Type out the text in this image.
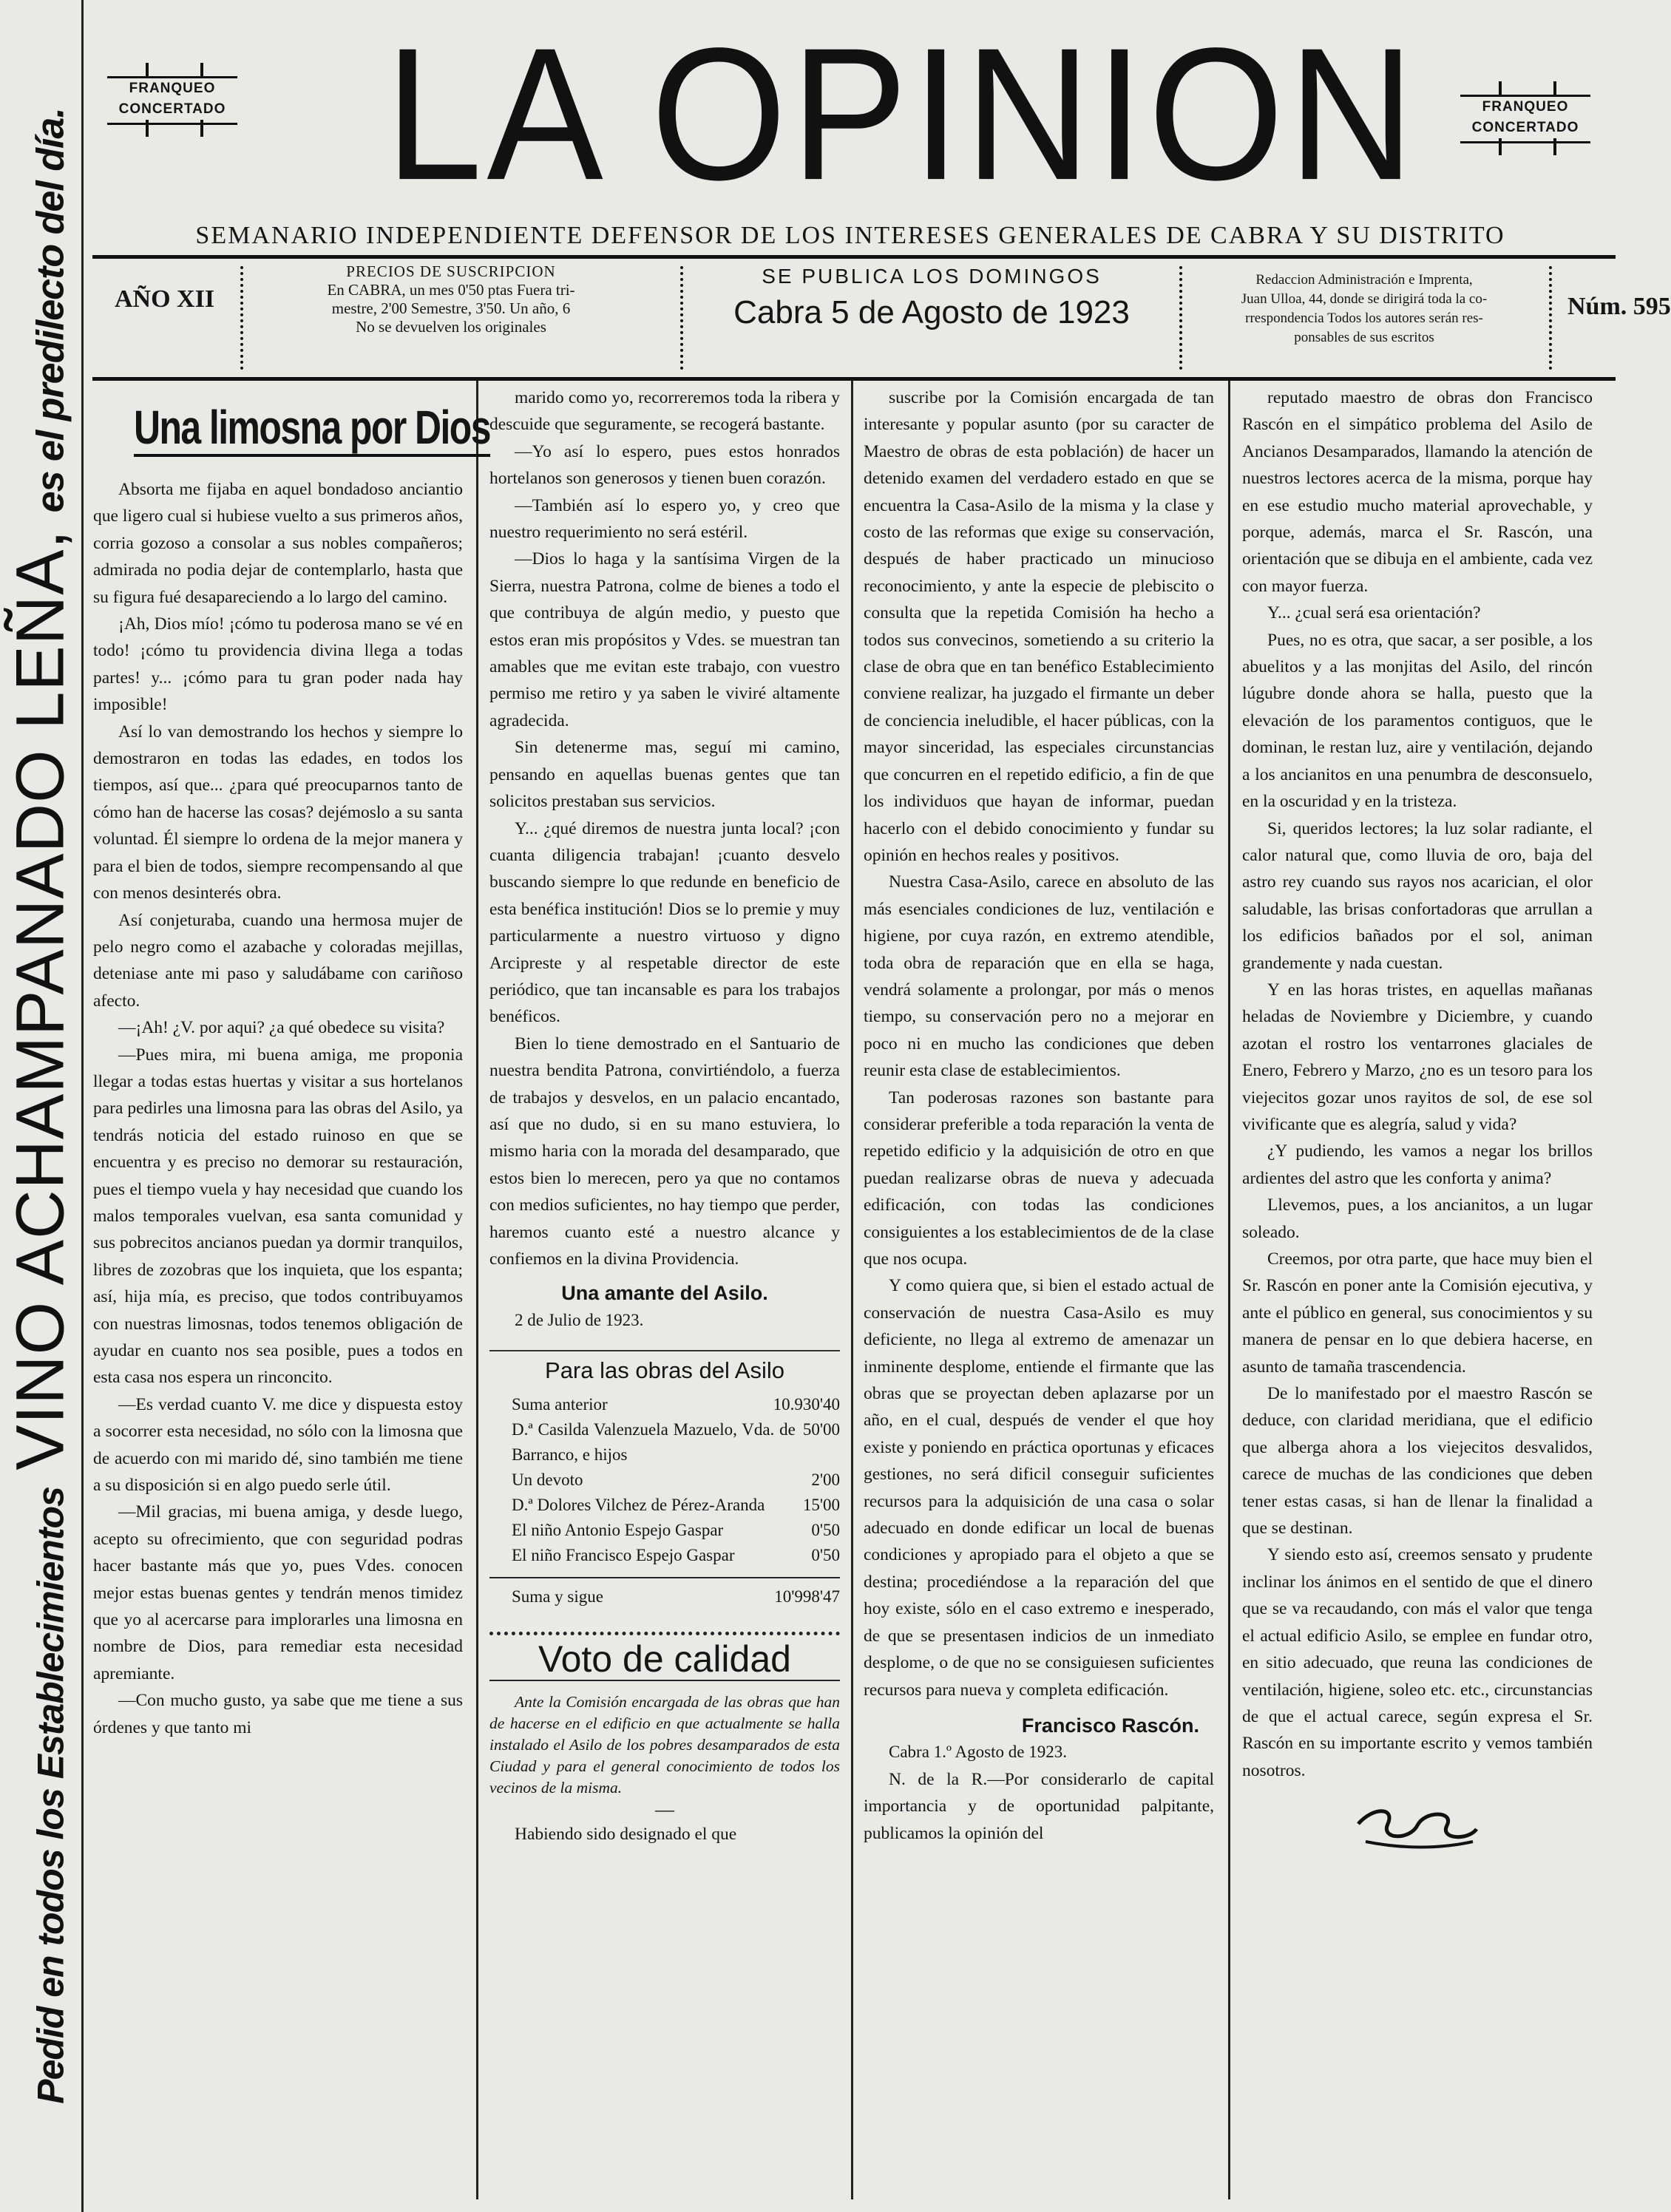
Pedid en todos los Establecimientos VINO ACHAMPANADO LEÑA, es el predilecto del día.
FRANQUEO
CONCERTADO LA OPINION	FRANQUEO
CONCERTADO
SEMANARIO INDEPENDIENTE DEFENSOR DE LOS INTERESES GENERALES DE CABRA Y SU DISTRITO
AÑO XII
PRECIOS DE SUSCRIPCION
En CABRA, un mes 0'50 ptas Fuera tri-
mestre, 2'00 Semestre, 3'50. Un año, 6
No se devuelven los originales
SE PUBLICA LOS DOMINGOS
Cabra 5 de Agosto de 1923
Redaccion Administración e Imprenta,
Juan Ulloa, 44, donde se dirigirá toda la co-
rrespondencia Todos los autores serán res-
ponsables de sus escritos
Núm. 595
Una limosna por Dios

Absorta me fijaba en aquel bondadoso anciantio que ligero cual si hubiese vuelto a sus primeros años, corria gozoso a consolar a sus nobles compañeros; admirada no podia dejar de contemplarlo, hasta que su figura fué desapareciendo a lo largo del camino.

¡Ah, Dios mío! ¡cómo tu poderosa mano se vé en todo! ¡cómo tu providencia divina llega a todas partes! y... ¡cómo para tu gran poder nada hay imposible!

Así lo van demostrando los hechos y siempre lo demostraron en todas las edades, en todos los tiempos, así que... ¿para qué preocuparnos tanto de cómo han de hacerse las cosas? dejémoslo a su santa voluntad. Él siempre lo ordena de la mejor manera y para el bien de todos, siempre recompensando al que con menos desinterés obra.

Así conjeturaba, cuando una hermosa mujer de pelo negro como el azabache y coloradas mejillas, deteniase ante mi paso y saludábame con cariñoso afecto.

—¡Ah! ¿V. por aqui? ¿a qué obedece su visita?

—Pues mira, mi buena amiga, me proponia llegar a todas estas huertas y visitar a sus hortelanos para pedirles una limosna para las obras del Asilo, ya tendrás noticia del estado ruinoso en que se encuentra y es preciso no demorar su restauración, pues el tiempo vuela y hay necesidad que cuando los malos temporales vuelvan, esa santa comunidad y sus pobrecitos ancianos puedan ya dormir tranquilos, libres de zozobras que los inquieta, que los espanta; así, hija mía, es preciso, que todos contribuyamos con nuestras limosnas, todos tenemos obligación de ayudar en cuanto nos sea posible, pues a todos en esta casa nos espera un rinconcito.

—Es verdad cuanto V. me dice y dispuesta estoy a socorrer esta necesidad, no sólo con la limosna que de acuerdo con mi marido dé, sino también me tiene a su disposición si en algo puedo serle útil.

—Mil gracias, mi buena amiga, y desde luego, acepto su ofrecimiento, que con seguridad podras hacer bastante más que yo, pues Vdes. conocen mejor estas buenas gentes y tendrán menos timidez que yo al acercarse para implorarles una limosna en nombre de Dios, para remediar esta necesidad apremiante.

—Con mucho gusto, ya sabe que me tiene a sus órdenes y que tanto mi

marido como yo, recorreremos toda la ribera y descuide que seguramente, se recogerá bastante.

—Yo así lo espero, pues estos honrados hortelanos son generosos y tienen buen corazón.

—También así lo espero yo, y creo que nuestro requerimiento no será estéril.

—Dios lo haga y la santísima Virgen de la Sierra, nuestra Patrona, colme de bienes a todo el que contribuya de algún medio, y puesto que estos eran mis propósitos y Vdes. se muestran tan amables que me evitan este trabajo, con vuestro permiso me retiro y ya saben le viviré altamente agradecida.

Sin detenerme mas, seguí mi camino, pensando en aquellas buenas gentes que tan solicitos prestaban sus servicios.

Y... ¿qué diremos de nuestra junta local? ¡con cuanta diligencia trabajan! ¡cuanto desvelo buscando siempre lo que redunde en beneficio de esta benéfica institución! Dios se lo premie y muy particularmente a nuestro virtuoso y digno Arcipreste y al respetable director de este periódico, que tan incansable es para los trabajos benéficos.

Bien lo tiene demostrado en el Santuario de nuestra bendita Patrona, convirtiéndolo, a fuerza de trabajos y desvelos, en un palacio encantado, así que no dudo, si en su mano estuviera, lo mismo haria con la morada del desamparado, que estos bien lo merecen, pero ya que no contamos con medios suficientes, no hay tiempo que perder, haremos cuanto esté a nuestro alcance y confiemos en la divina Providencia.

Una amante del Asilo.
2 de Julio de 1923.
Para las obras del Asilo
Suma anterior	10.930'40
D.ª Casilda Valenzuela Mazuelo, Vda. de Barranco, e hijos
50'00
Un devoto	2'00
D.ª Dolores Vilchez de Pérez-Aranda	15'00
El niño Antonio Espejo Gaspar	0'50
El niño Francisco Espejo Gaspar	0'50
Suma y sigue	10'998'47
Voto de calidad

Ante la Comisión encargada de las obras que han de hacerse en el edificio en que actualmente se halla instalado el Asilo de los pobres desamparados de esta Ciudad y para el general conocimiento de todos los vecinos de la misma.

—

Habiendo sido designado el que

suscribe por la Comisión encargada de tan interesante y popular asunto (por su caracter de Maestro de obras de esta población) de hacer un detenido examen del verdadero estado en que se encuentra la Casa-Asilo de la misma y la clase y costo de las reformas que exige su conservación, después de haber practicado un minucioso reconocimiento, y ante la especie de plebiscito o consulta que la repetida Comisión ha hecho a todos sus convecinos, sometiendo a su criterio la clase de obra que en tan benéfico Establecimiento conviene realizar, ha juzgado el firmante un deber de conciencia ineludible, el hacer públicas, con la mayor sinceridad, las especiales circunstancias que concurren en el repetido edificio, a fin de que los individuos que hayan de informar, puedan hacerlo con el debido conocimiento y fundar su opinión en hechos reales y positivos.

Nuestra Casa-Asilo, carece en absoluto de las más esenciales condiciones de luz, ventilación e higiene, por cuya razón, en extremo atendible, toda obra de reparación que en ella se haga, vendrá solamente a prolongar, por más o menos tiempo, su conservación pero no a mejorar en poco ni en mucho las condiciones que deben reunir esta clase de establecimientos.

Tan poderosas razones son bastante para considerar preferible a toda reparación la venta de repetido edificio y la adquisición de otro en que puedan realizarse obras de nueva y adecuada edificación, con todas las condiciones consiguientes a los establecimientos de de la clase que nos ocupa.

Y como quiera que, si bien el estado actual de conservación de nuestra Casa-Asilo es muy deficiente, no llega al extremo de amenazar un inminente desplome, entiende el firmante que las obras que se proyectan deben aplazarse por un año, en el cual, después de vender el que hoy existe y poniendo en práctica oportunas y eficaces gestiones, no será dificil conseguir suficientes recursos para la adquisición de una casa o solar adecuado en donde edificar un local de buenas condiciones y apropiado para el objeto a que se destina; procediéndose a la reparación del que hoy existe, sólo en el caso extremo e inesperado, de que se presentasen indicios de un inmediato desplome, o de que no se consiguiesen suficientes recursos para nueva y completa edificación.

Francisco Rascón.
Cabra 1.º Agosto de 1923.

N. de la R.—Por considerarlo de capital importancia y de oportunidad palpitante, publicamos la opinión del

reputado maestro de obras don Francisco Rascón en el simpático problema del Asilo de Ancianos Desamparados, llamando la atención de nuestros lectores acerca de la misma, porque hay en ese estudio mucho material aprovechable, y porque, además, marca el Sr. Rascón, una orientación que se dibuja en el ambiente, cada vez con mayor fuerza.

Y... ¿cual será esa orientación?

Pues, no es otra, que sacar, a ser posible, a los abuelitos y a las monjitas del Asilo, del rincón lúgubre donde ahora se halla, puesto que la elevación de los paramentos contiguos, que le dominan, le restan luz, aire y ventilación, dejando a los ancianitos en una penumbra de desconsuelo, en la oscuridad y en la tristeza.

Si, queridos lectores; la luz solar radiante, el calor natural que, como lluvia de oro, baja del astro rey cuando sus rayos nos acarician, el olor saludable, las brisas confortadoras que arrullan a los edificios bañados por el sol, animan grandemente y nada cuestan.

Y en las horas tristes, en aquellas mañanas heladas de Noviembre y Diciembre, y cuando azotan el rostro los ventarrones glaciales de Enero, Febrero y Marzo, ¿no es un tesoro para los viejecitos gozar unos rayitos de sol, de ese sol vivificante que es alegría, salud y vida?

¿Y pudiendo, les vamos a negar los brillos ardientes del astro que les conforta y anima?

Llevemos, pues, a los ancianitos, a un lugar soleado.

Creemos, por otra parte, que hace muy bien el Sr. Rascón en poner ante la Comisión ejecutiva, y ante el público en general, sus conocimientos y su manera de pensar en lo que debiera hacerse, en asunto de tamaña trascendencia.

De lo manifestado por el maestro Rascón se deduce, con claridad meridiana, que el edificio que alberga ahora a los viejecitos desvalidos, carece de muchas de las condiciones que deben tener estas casas, si han de llenar la finalidad a que se destinan.

Y siendo esto así, creemos sensato y prudente inclinar los ánimos en el sentido de que el dinero que se va recaudando, con más el valor que tenga el actual edificio Asilo, se emplee en fundar otro, en sitio adecuado, que reuna las condiciones de ventilación, higiene, soleo etc. etc., circunstancias de que el actual carece, según expresa el Sr. Rascón en su importante escrito y vemos también nosotros.
